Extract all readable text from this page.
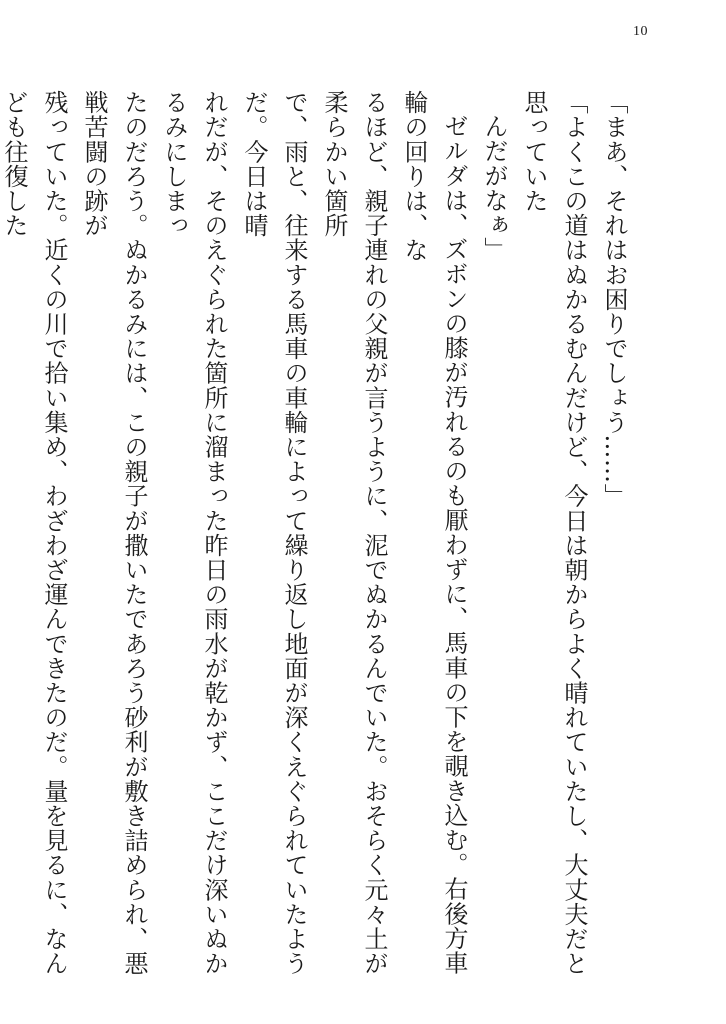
10

「まあ、それはお困りでしょう……」

「よくこの道はぬかるむんだけど、今日は朝からよく晴れていたし、大丈夫だと思っていた

んだがなぁ」

ゼルダは、ズボンの膝が汚れるのも厭わずに、馬車の下を覗き込む。右後方車輪の回りは、な

るほど、親子連れの父親が言うように、泥でぬかるんでいた。おそらく元々土が柔らかい箇所

で、雨と、往来する馬車の車輪によって繰り返し地面が深くえぐられていたようだ。今日は晴

れだが、そのえぐられた箇所に溜まった昨日の雨水が乾かず、ここだけ深いぬかるみにしまっ

たのだろう。ぬかるみには、この親子が撒いたであろう砂利が敷き詰められ、悪戦苦闘の跡が

残っていた。近くの川で拾い集め、わざわざ運んできたのだ。量を見るに、なんども往復した
